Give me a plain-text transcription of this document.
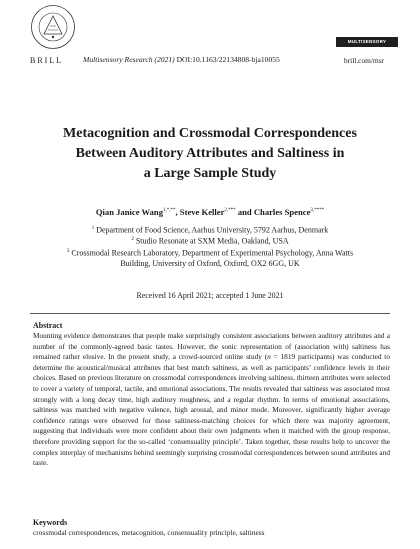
BRILL	Multisensory Research (2021) DOI:10.1163/22134808-bja10055
MULTISENSORY RESEARCH
brill.com/msr
Metacognition and Crossmodal Correspondences
Between Auditory Attributes and Saltiness in
a Large Sample Study
Qian Janice Wang$^{1,*,**}$, Steve Keller$^{2,***}$ and Charles Spence$^{3,****}$
$^1$ Department of Food Science, Aarhus University, 5792 Aarhus, Denmark
$^2$ Studio Resonate at SXM Media, Oakland, USA
$^3$ Crossmodal Research Laboratory, Department of Experimental Psychology, Anna Watts Building, University of Oxford, Oxford, OX2 6GG, UK
Received 16 April 2021; accepted 1 June 2021
Abstract
Mounting evidence demonstrates that people make surprisingly consistent associations between auditory attributes and a number of the commonly-agreed basic tastes. However, the sonic representation of (association with) saltiness has remained rather elusive. In the present study, a crowd-sourced online study (n = 1819 participants) was conducted to determine the acoustical/musical attributes that best match saltiness, as well as participants’ confidence levels in their choices. Based on previous literature on crossmodal correspondences involving saltiness, thirteen attributes were selected to cover a variety of temporal, tactile, and emotional associations. The results revealed that saltiness was associated most strongly with a long decay time, high auditory roughness, and a regular rhythm. In terms of emotional associations, saltiness was matched with negative valence, high arousal, and minor mode. Moreover, significantly higher average confidence ratings were observed for those saltiness-matching choices for which there was majority agreement, suggesting that individuals were more confident about their own judgments when it matched with the group response, therefore providing support for the so-called ‘consensuality principle’. Taken together, these results help to uncover the complex interplay of mechanisms behind seemingly surprising crossmodal correspondences between sound attributes and taste.
Keywords
crossmodal correspondences, metacognition, consensuality principle, saltiness
